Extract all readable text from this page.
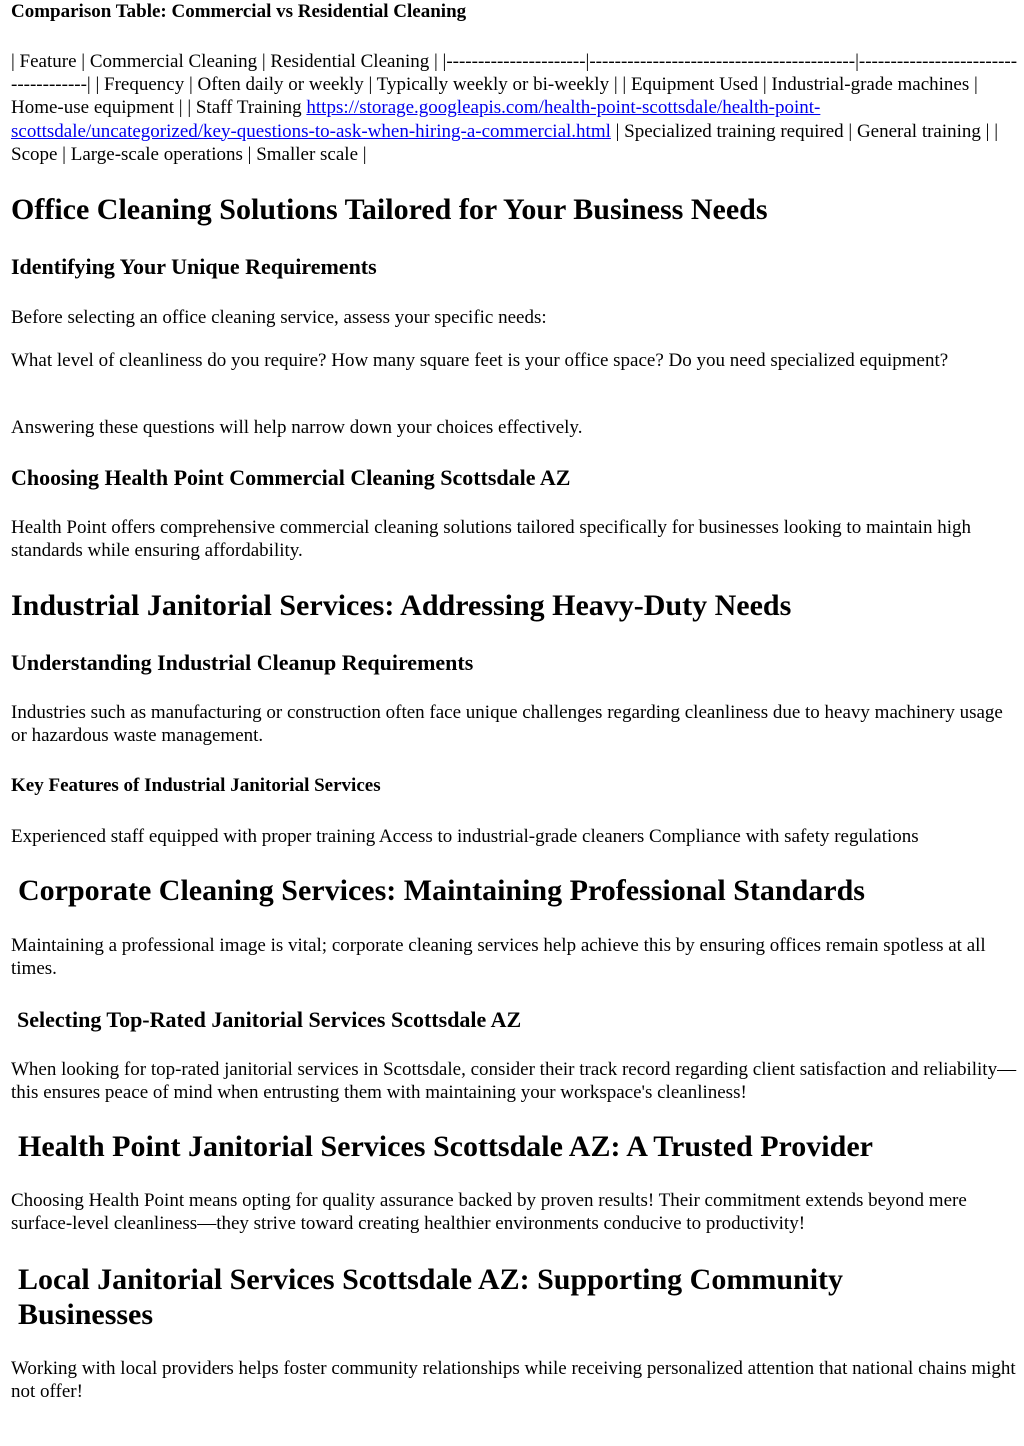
Comparison Table: Commercial vs Residential Cleaning

| Feature | Commercial Cleaning | Residential Cleaning | |----------------------|------------------------------------------|-------------------------------------| | Frequency | Often daily or weekly | Typically weekly or bi-weekly | | Equipment Used | Industrial-grade machines | Home-use equipment | | Staff Training https://storage.googleapis.com/health-point-scottsdale/health-point-scottsdale/uncategorized/key-questions-to-ask-when-hiring-a-commercial.html | Specialized training required | General training | | Scope | Large-scale operations | Smaller scale |

Office Cleaning Solutions Tailored for Your Business Needs
Identifying Your Unique Requirements

Before selecting an office cleaning service, assess your specific needs:

What level of cleanliness do you require? How many square feet is your office space? Do you need specialized equipment?

Answering these questions will help narrow down your choices effectively.

Choosing Health Point Commercial Cleaning Scottsdale AZ

Health Point offers comprehensive commercial cleaning solutions tailored specifically for businesses looking to maintain high standards while ensuring affordability.

Industrial Janitorial Services: Addressing Heavy-Duty Needs
Understanding Industrial Cleanup Requirements

Industries such as manufacturing or construction often face unique challenges regarding cleanliness due to heavy machinery usage or hazardous waste management.

Key Features of Industrial Janitorial Services

Experienced staff equipped with proper training Access to industrial-grade cleaners Compliance with safety regulations

Corporate Cleaning Services: Maintaining Professional Standards

Maintaining a professional image is vital; corporate cleaning services help achieve this by ensuring offices remain spotless at all times.

Selecting Top-Rated Janitorial Services Scottsdale AZ

When looking for top-rated janitorial services in Scottsdale, consider their track record regarding client satisfaction and reliability—this ensures peace of mind when entrusting them with maintaining your workspace's cleanliness!

Health Point Janitorial Services Scottsdale AZ: A Trusted Provider

Choosing Health Point means opting for quality assurance backed by proven results! Their commitment extends beyond mere surface-level cleanliness—they strive toward creating healthier environments conducive to productivity!

Local Janitorial Services Scottsdale AZ: Supporting Community Businesses

Working with local providers helps foster community relationships while receiving personalized attention that national chains might not offer!
